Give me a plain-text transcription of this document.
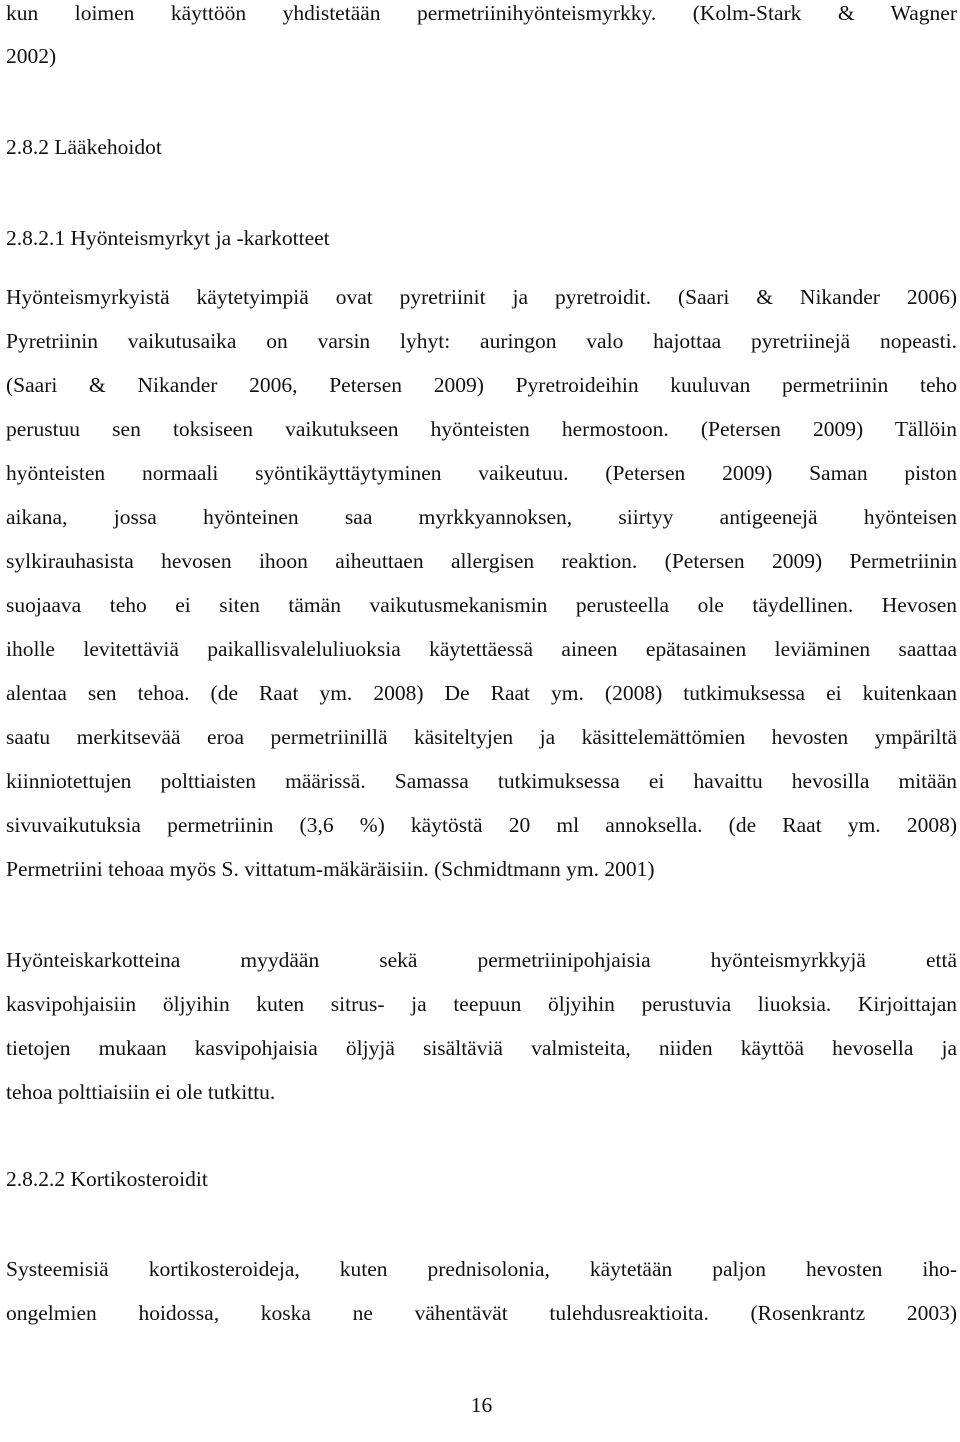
kun loimen käyttöön yhdistetään permetriinihyönteismyrkky. (Kolm-Stark & Wagner
2002)
2.8.2 Lääkehoidot
2.8.2.1 Hyönteismyrkyt ja -karkotteet
Hyönteismyrkyistä käytetyimpiä ovat pyretriinit ja pyretroidit. (Saari & Nikander 2006)
Pyretriinin vaikutusaika on varsin lyhyt: auringon valo hajottaa pyretriinejä nopeasti.
(Saari & Nikander 2006, Petersen 2009) Pyretroideihin kuuluvan permetriinin teho
perustuu sen toksiseen vaikutukseen hyönteisten hermostoon. (Petersen 2009) Tällöin
hyönteisten normaali syöntikäyttäytyminen vaikeutuu. (Petersen 2009) Saman piston
aikana, jossa hyönteinen saa myrkkyannoksen, siirtyy antigeenejä hyönteisen
sylkirauhasista hevosen ihoon aiheuttaen allergisen reaktion. (Petersen 2009) Permetriinin
suojaava teho ei siten tämän vaikutusmekanismin perusteella ole täydellinen. Hevosen
iholle levitettäviä paikallisvaleluliuoksia käytettäessä aineen epätasainen leviäminen saattaa
alentaa sen tehoa. (de Raat ym. 2008) De Raat ym. (2008) tutkimuksessa ei kuitenkaan
saatu merkitsevää eroa permetriinillä käsiteltyjen ja käsittelemättömien hevosten ympäriltä
kiinniotettujen polttiaisten määrissä. Samassa tutkimuksessa ei havaittu hevosilla mitään
sivuvaikutuksia permetriinin (3,6 %) käytöstä 20 ml annoksella. (de Raat ym. 2008)
Permetriini tehoaa myös S. vittatum-mäkäräisiin. (Schmidtmann ym. 2001)
Hyönteiskarkotteina myydään sekä permetriinipohjaisia hyönteismyrkkyjä että
kasvipohjaisiin öljyihin kuten sitrus- ja teepuun öljyihin perustuvia liuoksia. Kirjoittajan
tietojen mukaan kasvipohjaisia öljyjä sisältäviä valmisteita, niiden käyttöä hevosella ja
tehoa polttiaisiin ei ole tutkittu.
2.8.2.2 Kortikosteroidit
Systeemisiä kortikosteroideja, kuten prednisolonia, käytetään paljon hevosten iho-
ongelmien hoidossa, koska ne vähentävät tulehdusreaktioita. (Rosenkrantz 2003)
16
